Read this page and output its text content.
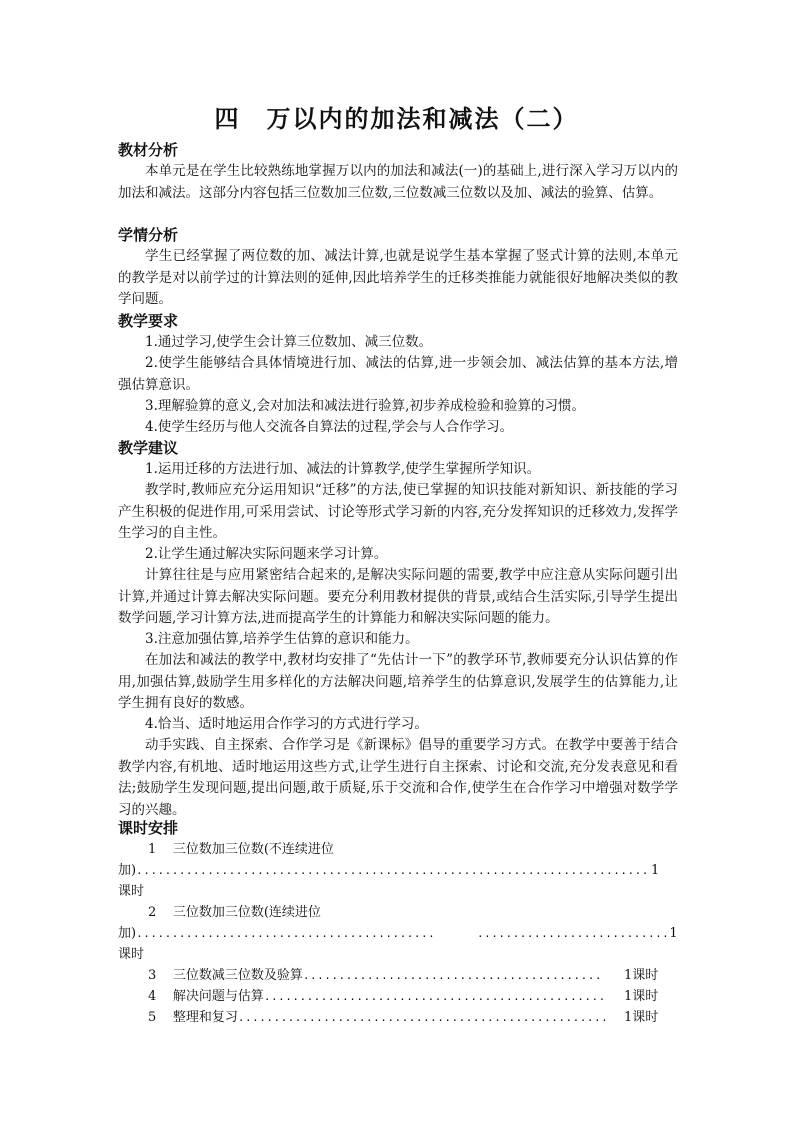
四　万以内的加法和减法（二）
教材分析
本单元是在学生比较熟练地掌握万以内的加法和减法(一)的基础上,进行深入学习万以内的加法和减法。这部分内容包括三位数加三位数,三位数减三位数以及加、减法的验算、估算。
学情分析
学生已经掌握了两位数的加、减法计算,也就是说学生基本掌握了竖式计算的法则,本单元的教学是对以前学过的计算法则的延伸,因此培养学生的迁移类推能力就能很好地解决类似的教学问题。
教学要求
1.通过学习,使学生会计算三位数加、减三位数。
2.使学生能够结合具体情境进行加、减法的估算,进一步领会加、减法估算的基本方法,增强估算意识。
3.理解验算的意义,会对加法和减法进行验算,初步养成检验和验算的习惯。
4.使学生经历与他人交流各自算法的过程,学会与人合作学习。
教学建议
1.运用迁移的方法进行加、减法的计算教学,使学生掌握所学知识。
教学时,教师应充分运用知识“迁移”的方法,使已掌握的知识技能对新知识、新技能的学习产生积极的促进作用,可采用尝试、讨论等形式学习新的内容,充分发挥知识的迁移效力,发挥学生学习的自主性。
2.让学生通过解决实际问题来学习计算。
计算往往是与应用紧密结合起来的,是解决实际问题的需要,教学中应注意从实际问题引出计算,并通过计算去解决实际问题。要充分利用教材提供的背景,或结合生活实际,引导学生提出数学问题,学习计算方法,进而提高学生的计算能力和解决实际问题的能力。
3.注意加强估算,培养学生估算的意识和能力。
在加法和减法的教学中,教材均安排了“先估计一下”的教学环节,教师要充分认识估算的作用,加强估算,鼓励学生用多样化的方法解决问题,培养学生的估算意识,发展学生的估算能力,让学生拥有良好的数感。
4.恰当、适时地运用合作学习的方式进行学习。
动手实践、自主探索、合作学习是《新课标》倡导的重要学习方式。在教学中要善于结合教学内容,有机地、适时地运用这些方式,让学生进行自主探索、讨论和交流,充分发表意见和看法;鼓励学生发现问题,提出问题,敢于质疑,乐于交流和合作,使学生在合作学习中增强对数学学习的兴趣。
课时安排
1 三位数加三位数(不连续进位
加)........................................................................ 1
课时
2 三位数加三位数(连续进位
加)..........................................	...........................1
课时
3 三位数减三位数及验算.......................................... 1课时
4 解决问题与估算................................................ 1课时
5 整理和复习.................................................... 1课时
